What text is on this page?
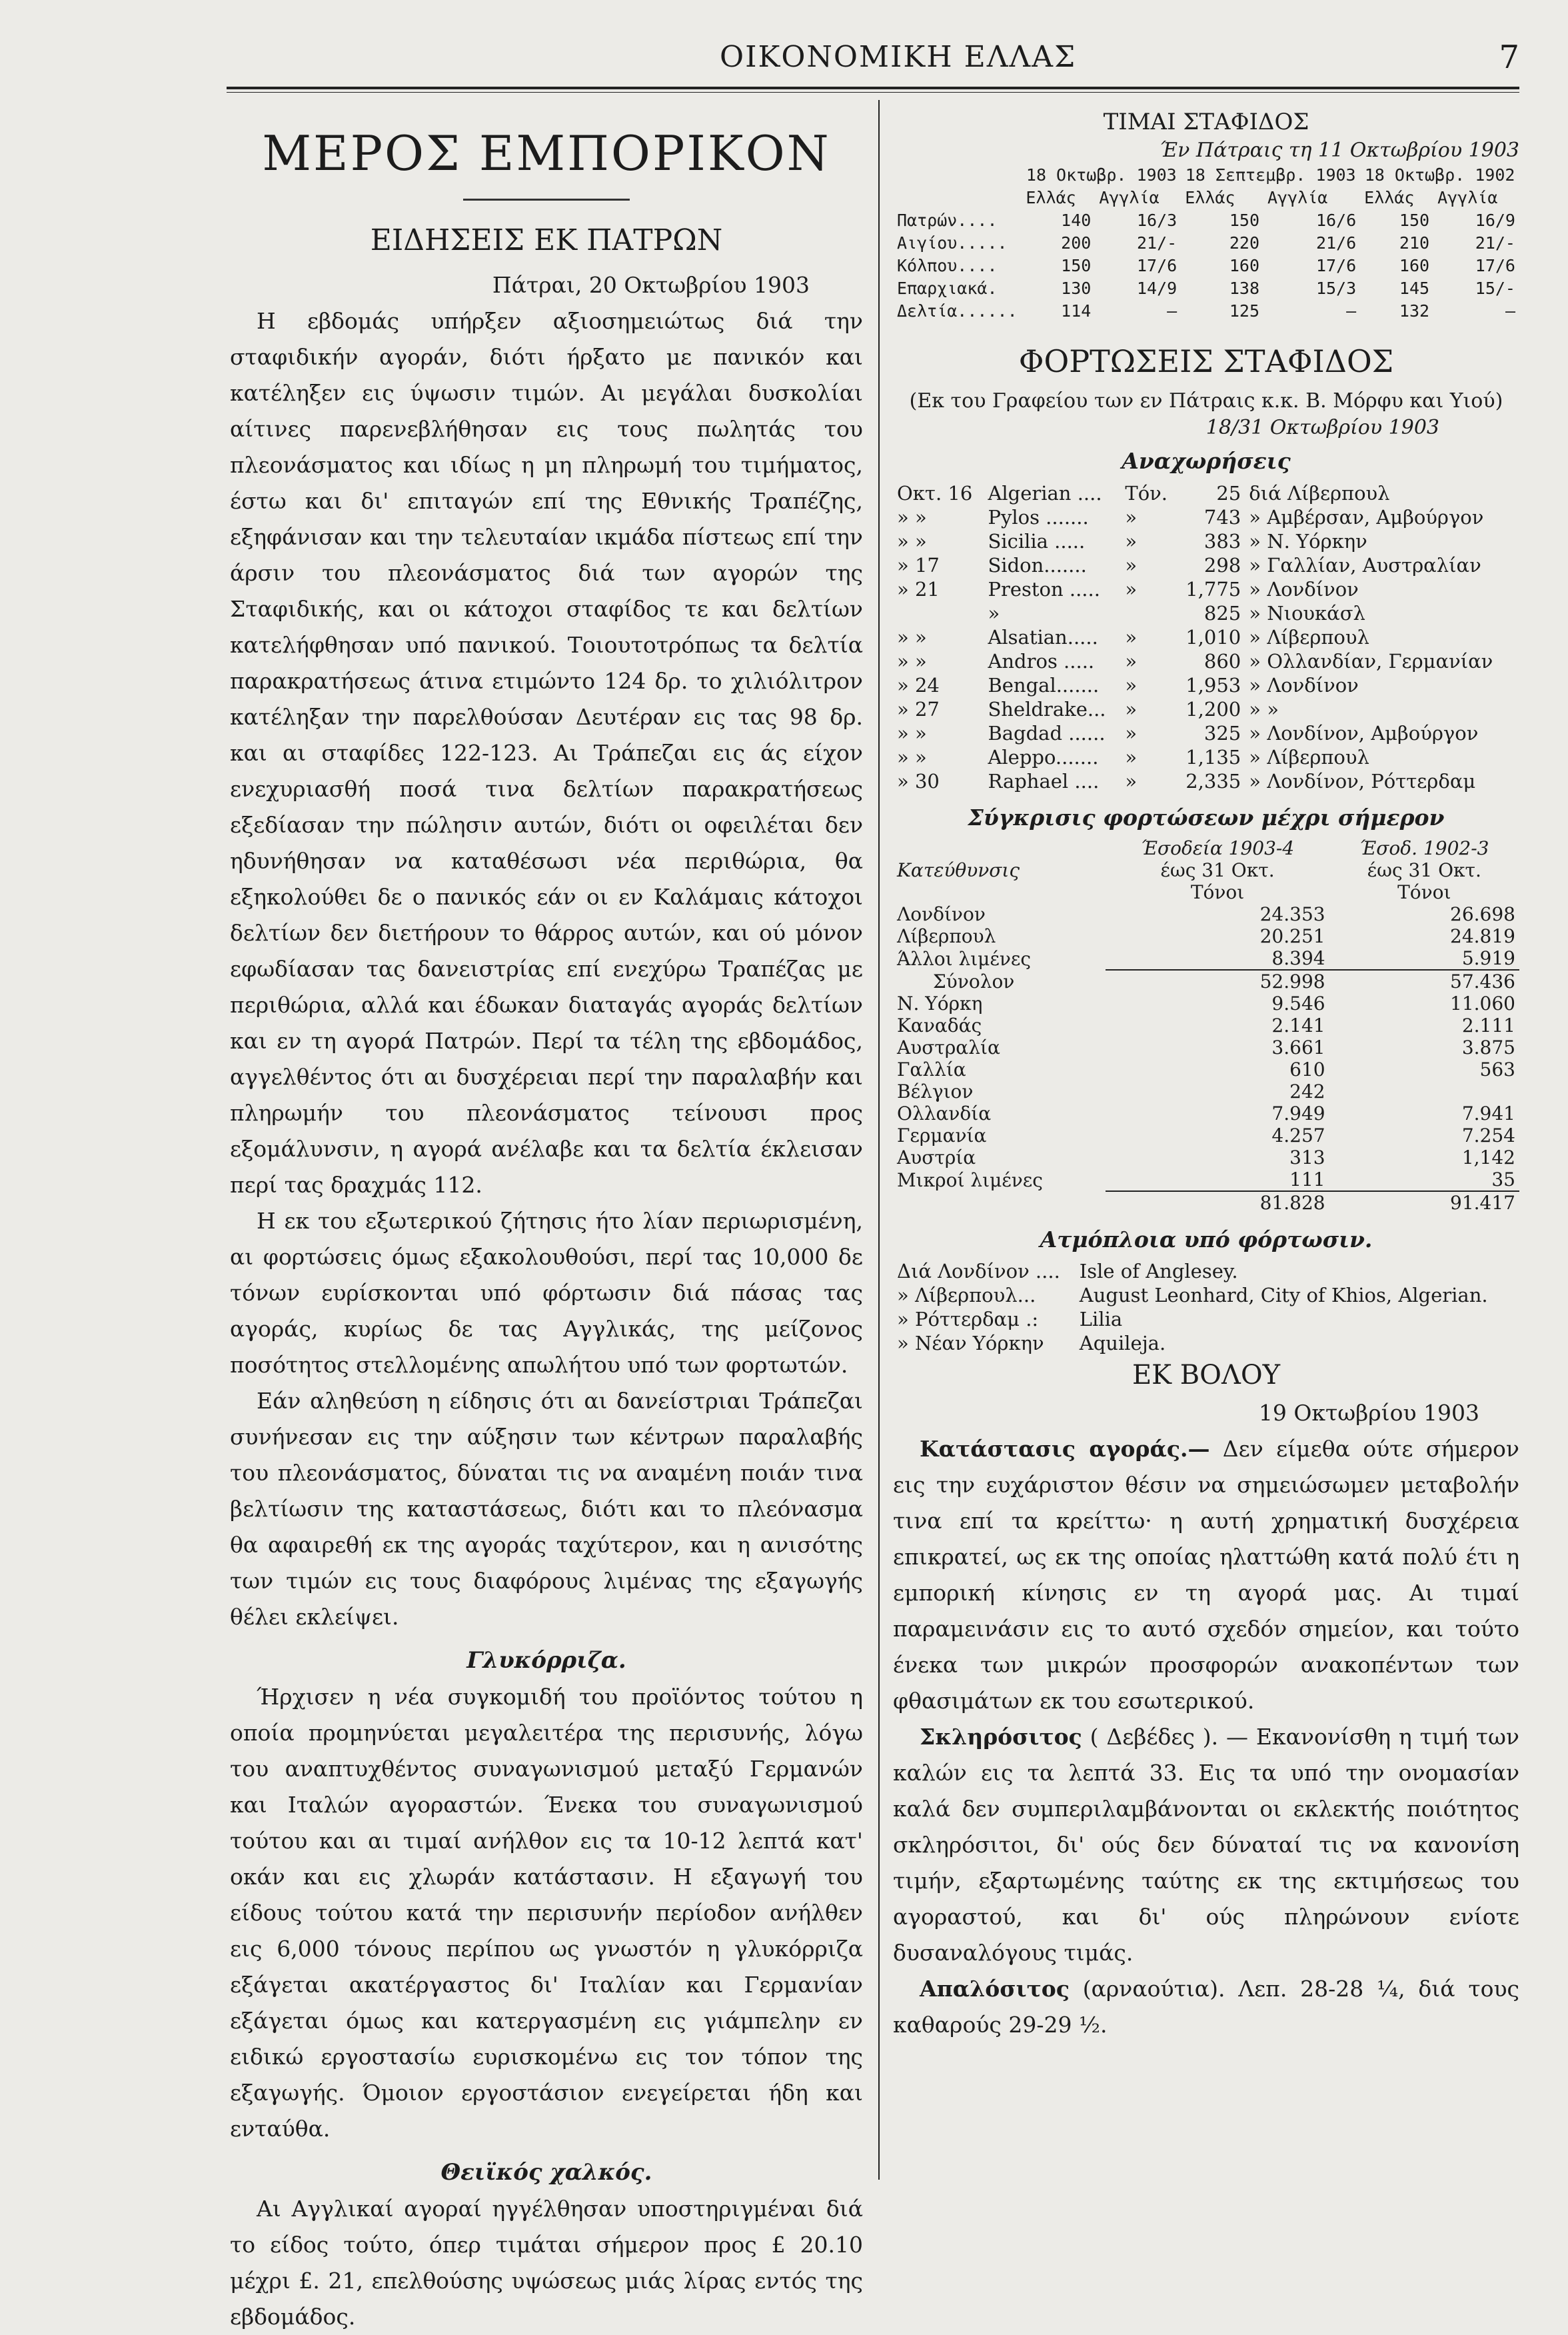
ΟΙΚΟΝΟΜΙΚΗ ΕΛΛΑΣ	7
ΜΕΡΟΣ ΕΜΠΟΡΙΚΟΝ
ΕΙΔΗΣΕΙΣ ΕΚ ΠΑΤΡΩΝ
Πάτραι, 20 Οκτωβρίου 1903

Η εβδομάς υπήρξεν αξιοσημειώτως διά την σταφιδικήν αγοράν, διότι ήρξατο με πανικόν και κατέληξεν εις ύψωσιν τιμών. Αι μεγάλαι δυσκολίαι αίτινες παρενεβλήθησαν εις τους πωλητάς του πλεονάσματος και ιδίως η μη πληρωμή του τιμήματος, έστω και δι' επιταγών επί της Εθνικής Τραπέζης, εξηφάνισαν και την τελευταίαν ικμάδα πίστεως επί την άρσιν του πλεονάσματος διά των αγορών της Σταφιδικής, και οι κάτοχοι σταφίδος τε και δελτίων κατελήφθησαν υπό πανικού. Τοιουτοτρόπως τα δελτία παρακρατήσεως άτινα ετιμώντο 124 δρ. το χιλιόλιτρον κατέληξαν την παρελθούσαν Δευτέραν εις τας 98 δρ. και αι σταφίδες 122-123. Αι Τράπεζαι εις άς είχον ενεχυριασθή ποσά τινα δελτίων παρακρατήσεως εξεδίασαν την πώλησιν αυτών, διότι οι οφειλέται δεν ηδυνήθησαν να καταθέσωσι νέα περιθώρια, θα εξηκολούθει δε ο πανικός εάν οι εν Καλάμαις κάτοχοι δελτίων δεν διετήρουν το θάρρος αυτών, και ού μόνον εφωδίασαν τας δανειστρίας επί ενεχύρω Τραπέζας με περιθώρια, αλλά και έδωκαν διαταγάς αγοράς δελτίων και εν τη αγορά Πατρών. Περί τα τέλη της εβδομάδος, αγγελθέντος ότι αι δυσχέρειαι περί την παραλαβήν και πληρωμήν του πλεονάσματος τείνουσι προς εξομάλυνσιν, η αγορά ανέλαβε και τα δελτία έκλεισαν περί τας δραχμάς 112.

Η εκ του εξωτερικού ζήτησις ήτο λίαν περιωρισμένη, αι φορτώσεις όμως εξακολουθούσι, περί τας 10,000 δε τόνων ευρίσκονται υπό φόρτωσιν διά πάσας τας αγοράς, κυρίως δε τας Αγγλικάς, της μείζονος ποσότητος στελλομένης απωλήτου υπό των φορτωτών.

Εάν αληθεύση η είδησις ότι αι δανείστριαι Τράπεζαι συνήνεσαν εις την αύξησιν των κέντρων παραλαβής του πλεονάσματος, δύναται τις να αναμένη ποιάν τινα βελτίωσιν της καταστάσεως, διότι και το πλεόνασμα θα αφαιρεθή εκ της αγοράς ταχύτερον, και η ανισότης των τιμών εις τους διαφόρους λιμένας της εξαγωγής θέλει εκλείψει.

Γλυκόρριζα.

Ήρχισεν η νέα συγκομιδή του προϊόντος τούτου η οποία προμηνύεται μεγαλειτέρα της περισυνής, λόγω του αναπτυχθέντος συναγωνισμού μεταξύ Γερμανών και Ιταλών αγοραστών. Ένεκα του συναγωνισμού τούτου και αι τιμαί ανήλθον εις τα 10-12 λεπτά κατ' οκάν και εις χλωράν κατάστασιν. Η εξαγωγή του είδους τούτου κατά την περισυνήν περίοδον ανήλθεν εις 6,000 τόνους περίπου ως γνωστόν η γλυκόρριζα εξάγεται ακατέργαστος δι' Ιταλίαν και Γερμανίαν εξάγεται όμως και κατεργασμένη εις γιάμπελην εν ειδικώ εργοστασίω ευρισκομένω εις τον τόπον της εξαγωγής. Όμοιον εργοστάσιον ενεγείρεται ήδη και ενταύθα.

Θειϊκός χαλκός.

Αι Αγγλικαί αγοραί ηγγέλθησαν υποστηριγμέναι διά το είδος τούτο, όπερ τιμάται σήμερον προς £ 20.10 μέχρι £. 21, επελθούσης υψώσεως μιάς λίρας εντός της εβδομάδος.

ΤΙΜΑΙ ΣΤΑΦΙΔΟΣ
Έν Πάτραις τη 11 Οκτωβρίου 1903
	18 Οκτωβρ. 1903		18 Σεπτεμβρ. 1903		18 Οκτωβρ. 1902	
	Ελλάς	Αγγλία	Ελλάς	Αγγλία	Ελλάς	Αγγλία
Πατρών....	140	16/3	150	16/6	150	16/9
Αιγίου.....	200	21/-	220	21/6	210	21/-
Κόλπου....	150	17/6	160	17/6	160	17/6
Επαρχιακά.	130	14/9	138	15/3	145	15/-
Δελτία......	114	—	125	—	132	—
ΦΟΡΤΩΣΕΙΣ ΣΤΑΦΙΔΟΣ
(Εκ του Γραφείου των εν Πάτραις κ.κ. Β. Μόρφυ και Υιού)
18/31 Οκτωβρίου 1903
Αναχωρήσεις
Οκτ. 16	Algerian ....	Τόν.	25	διά Λίβερπουλ
» »	Pylos .......	»	743	» Αμβέρσαν, Αμβούργον
» »	Sicilia .....	»	383	» Ν. Υόρκην
» 17	Sidon.......	»	298	» Γαλλίαν, Αυστραλίαν
» 21	Preston .....	»	1,775	» Λονδίνον
	»		825	» Νιουκάσλ
» »	Alsatian.....	»	1,010	» Λίβερπουλ
» »	Andros .....	»	860	» Ολλανδίαν, Γερμανίαν
» 24	Bengal.......	»	1,953	» Λονδίνον
» 27	Sheldrake...	»	1,200	» »
» »	Bagdad ......	»	325	» Λονδίνον, Αμβούργον
» »	Aleppo.......	»	1,135	» Λίβερπουλ
» 30	Raphael ....	»	2,335	» Λονδίνον, Ρόττερδαμ
Σύγκρισις φορτώσεων μέχρι σήμερον
	Έσοδεία 1903-4	Έσοδ. 1902-3
Κατεύθυνσις	έως 31 Οκτ.	έως 31 Οκτ.
	Τόνοι	Τόνοι
Λονδίνον	24.353	26.698
Λίβερπουλ	20.251	24.819
Άλλοι λιμένες	8.394	5.919
Σύνολον	52.998	57.436
Ν. Υόρκη	9.546	11.060
Καναδάς	2.141	2.111
Αυστραλία	3.661	3.875
Γαλλία	610	563
Βέλγιον	242	
Ολλανδία	7.949	7.941
Γερμανία	4.257	7.254
Αυστρία	313	1,142
Μικροί λιμένες	111	35
	81.828	91.417
Ατμόπλοια υπό φόρτωσιν.
Διά Λονδίνον ....	Isle of Anglesey.
» Λίβερπουλ...	August Leonhard, City of Khios, Algerian.
» Ρόττερδαμ .:	Lilia
» Νέαν Υόρκην	Aquileja.
ΕΚ ΒΟΛΟΥ
19 Οκτωβρίου 1903

Κατάστασις αγοράς.— Δεν είμεθα ούτε σήμερον εις την ευχάριστον θέσιν να σημειώσωμεν μεταβολήν τινα επί τα κρείττω· η αυτή χρηματική δυσχέρεια επικρατεί, ως εκ της οποίας ηλαττώθη κατά πολύ έτι η εμπορική κίνησις εν τη αγορά μας. Αι τιμαί παραμεινάσιν εις το αυτό σχεδόν σημείον, και τούτο ένεκα των μικρών προσφορών ανακοπέντων των φθασιμάτων εκ του εσωτερικού.

Σκληρόσιτος ( Δεβέδες ). — Εκανονίσθη η τιμή των καλών εις τα λεπτά 33. Εις τα υπό την ονομασίαν καλά δεν συμπεριλαμβάνονται οι εκλεκτής ποιότητος σκληρόσιτοι, δι' ούς δεν δύναταί τις να κανονίση τιμήν, εξαρτωμένης ταύτης εκ της εκτιμήσεως του αγοραστού, και δι' ούς πληρώνουν ενίοτε δυσαναλόγους τιμάς.

Απαλόσιτος (αρναούτια). Λεπ. 28-28 ¼, διά τους καθαρούς 29-29 ½.
